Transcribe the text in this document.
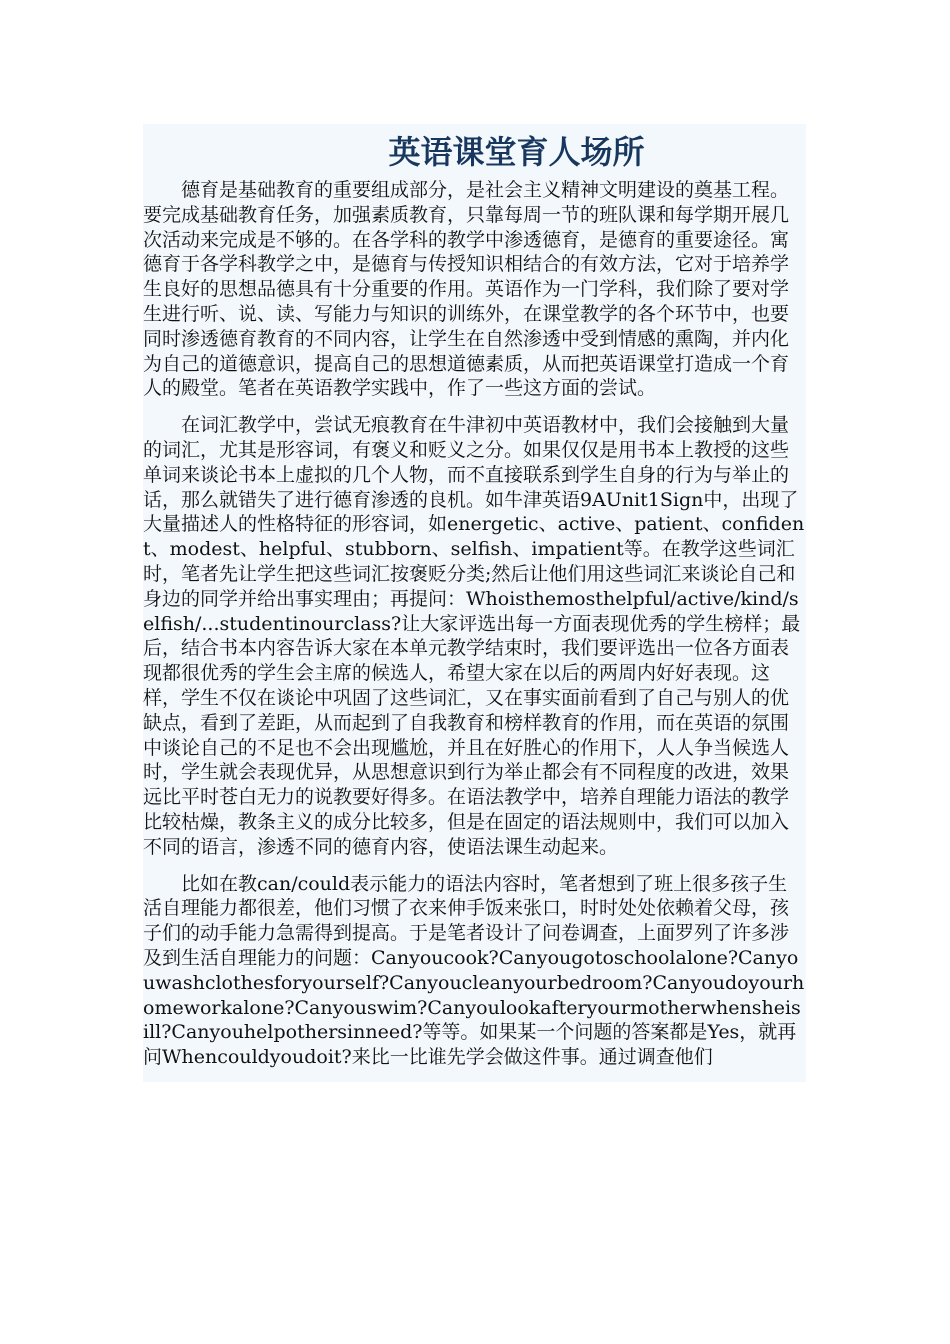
英语课堂育人场所

德育是基础教育的重要组成部分，是社会主义精神文明建设的奠基工程。要完成基础教育任务，加强素质教育，只靠每周一节的班队课和每学期开展几次活动来完成是不够的。在各学科的教学中渗透德育，是德育的重要途径。寓德育于各学科教学之中，是德育与传授知识相结合的有效方法，它对于培养学生良好的思想品德具有十分重要的作用。英语作为一门学科，我们除了要对学生进行听、说、读、写能力与知识的训练外，在课堂教学的各个环节中，也要同时渗透德育教育的不同内容，让学生在自然渗透中受到情感的熏陶，并内化为自己的道德意识，提高自己的思想道德素质，从而把英语课堂打造成一个育人的殿堂。笔者在英语教学实践中，作了一些这方面的尝试。

在词汇教学中，尝试无痕教育在牛津初中英语教材中，我们会接触到大量的词汇，尤其是形容词，有褒义和贬义之分。如果仅仅是用书本上教授的这些单词来谈论书本上虚拟的几个人物，而不直接联系到学生自身的行为与举止的话，那么就错失了进行德育渗透的良机。如牛津英语9AUnit1Sign中，出现了大量描述人的性格特征的形容词，如energetic、active、patient、confident、modest、helpful、stubborn、selfish、impatient等。在教学这些词汇时，笔者先让学生把这些词汇按褒贬分类;然后让他们用这些词汇来谈论自己和身边的同学并给出事实理由；再提问：Whoisthemosthelpful/active/kind/selfish/...studentinourclass?让大家评选出每一方面表现优秀的学生榜样；最后，结合书本内容告诉大家在本单元教学结束时，我们要评选出一位各方面表现都很优秀的学生会主席的候选人，希望大家在以后的两周内好好表现。这样，学生不仅在谈论中巩固了这些词汇，又在事实面前看到了自己与别人的优缺点，看到了差距，从而起到了自我教育和榜样教育的作用，而在英语的氛围中谈论自己的不足也不会出现尴尬，并且在好胜心的作用下，人人争当候选人时，学生就会表现优异，从思想意识到行为举止都会有不同程度的改进，效果远比平时苍白无力的说教要好得多。在语法教学中，培养自理能力语法的教学比较枯燥，教条主义的成分比较多，但是在固定的语法规则中，我们可以加入不同的语言，渗透不同的德育内容，使语法课生动起来。

比如在教can/could表示能力的语法内容时，笔者想到了班上很多孩子生活自理能力都很差，他们习惯了衣来伸手饭来张口，时时处处依赖着父母，孩子们的动手能力急需得到提高。于是笔者设计了问卷调查，上面罗列了许多涉及到生活自理能力的问题：Canyoucook?Canyougotoschoolalone?Canyouwashclothesforyourself?Canyoucleanyourbedroom?Canyoudoyourhomeworkalone?Canyouswim?Canyoulookafteryourmotherwhensheisill?Canyouhelpothersinneed?等等。如果某一个问题的答案都是Yes，就再问Whencouldyoudoit?来比一比谁先学会做这件事。通过调查他们
